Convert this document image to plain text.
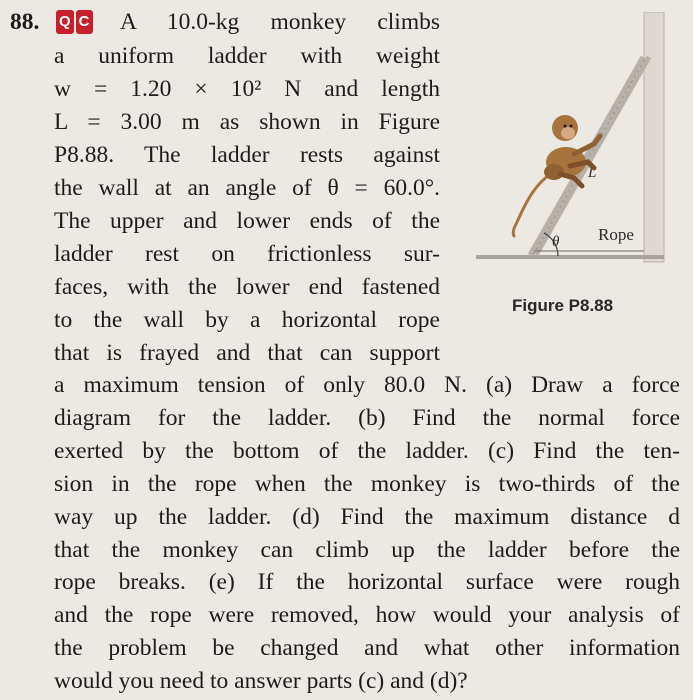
88. Q C A 10.0-kg monkey climbs
a uniform ladder with weight
w = 1.20 × 10² N and length
L = 3.00 m as shown in Figure
P8.88. The ladder rests against
the wall at an angle of θ = 60.0°.
The upper and lower ends of the
ladder rest on frictionless sur-
faces, with the lower end fastened
to the wall by a horizontal rope
that is frayed and that can support
a maximum tension of only 80.0 N. (a) Draw a force
diagram for the ladder. (b) Find the normal force
exerted by the bottom of the ladder. (c) Find the ten-
sion in the rope when the monkey is two-thirds of the
way up the ladder. (d) Find the maximum distance d
that the monkey can climb up the ladder before the
rope breaks. (e) If the horizontal surface were rough
and the rope were removed, how would your analysis of
the problem be changed and what other information
would you need to answer parts (c) and (d)?
θ Rope
L
Figure P8.88
